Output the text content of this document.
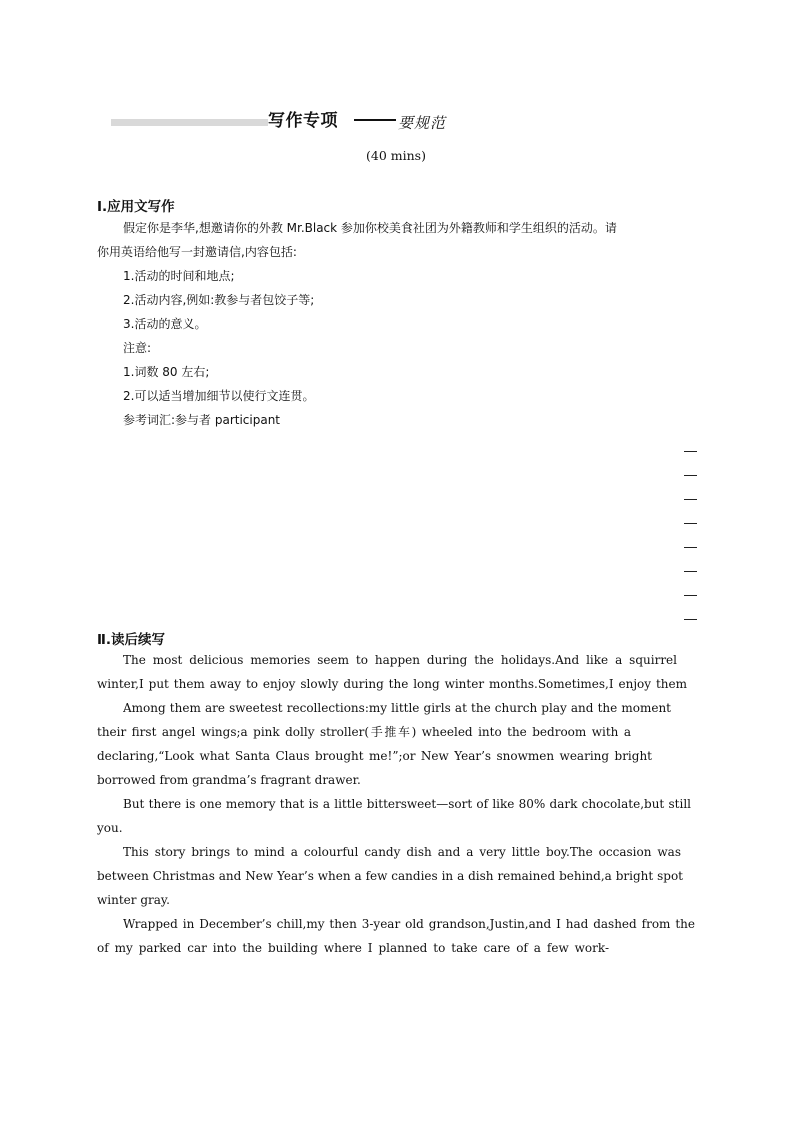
写作专项	要规范
(40 mins)
Ⅰ.应用文写作
假定你是李华,想邀请你的外教 Mr.Black 参加你校美食社团为外籍教师和学生组织的活动。请
你用英语给他写一封邀请信,内容包括:
1.活动的时间和地点;
2.活动内容,例如:教参与者包饺子等;
3.活动的意义。
注意:
1.词数 80 左右;
2.可以适当增加细节以使行文连贯。
参考词汇:参与者 participant
Ⅱ.读后续写
The most delicious memories seem to happen during the holidays.And like a squirrel
winter,I put them away to enjoy slowly during the long winter months.Sometimes,I enjoy them
Among them are sweetest recollections:my little girls at the church play and the moment
their first angel wings;a pink dolly stroller(手推车) wheeled into the bedroom with a
declaring,“Look what Santa Claus brought me!”;or New Year’s snowmen wearing bright
borrowed from grandma’s fragrant drawer.
But there is one memory that is a little bittersweet—sort of like 80% dark chocolate,but still
you.
This story brings to mind a colourful candy dish and a very little boy.The occasion was
between Christmas and New Year’s when a few candies in a dish remained behind,a bright spot
winter gray.
Wrapped in December’s chill,my then 3-year old grandson,Justin,and I had dashed from the
of my parked car into the building where I planned to take care of a few work-
